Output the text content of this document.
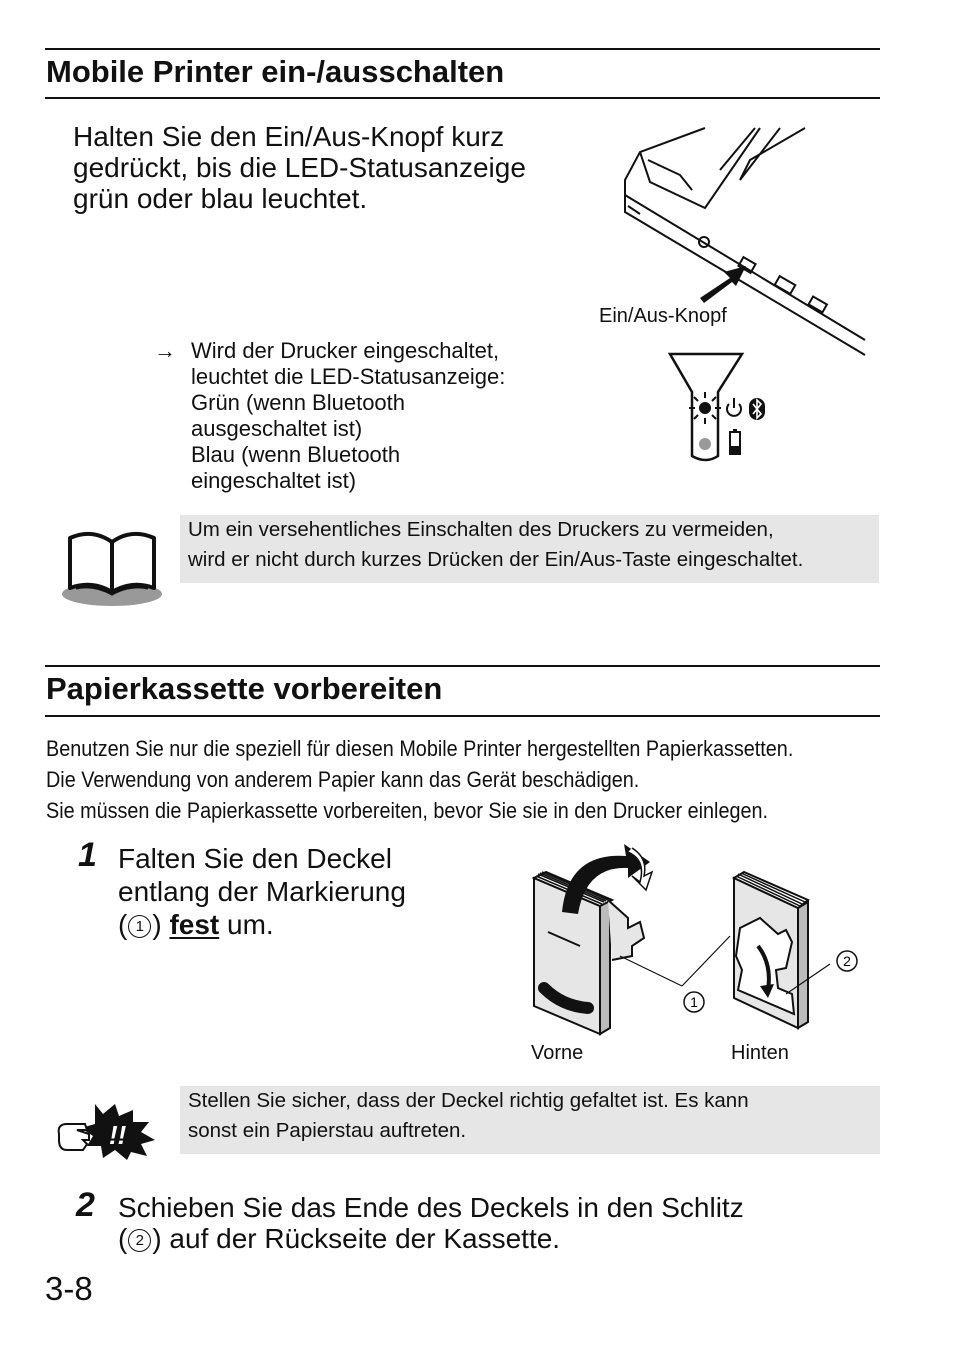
Mobile Printer ein-/ausschalten
Halten Sie den Ein/Aus-Knopf kurz
gedrückt, bis die LED-Statusanzeige
grün oder blau leuchtet.
Ein/Aus-Knopf
→ Wird der Drucker eingeschaltet,
leuchtet die LED-Statusanzeige:
Grün (wenn Bluetooth
ausgeschaltet ist)
Blau (wenn Bluetooth
eingeschaltet ist)
Um ein versehentliches Einschalten des Druckers zu vermeiden,
wird er nicht durch kurzes Drücken der Ein/Aus-Taste eingeschaltet.
Papierkassette vorbereiten
Benutzen Sie nur die speziell für diesen Mobile Printer hergestellten Papierkassetten.
Die Verwendung von anderem Papier kann das Gerät beschädigen.
Sie müssen die Papierkassette vorbereiten, bevor Sie sie in den Drucker einlegen.
1 Falten Sie den Deckel
entlang der Markierung
( 1 ) fest um.
1
2
Vorne	Hinten
!!
Stellen Sie sicher, dass der Deckel richtig gefaltet ist. Es kann
sonst ein Papierstau auftreten.
2 Schieben Sie das Ende des Deckels in den Schlitz
( 2 ) auf der Rückseite der Kassette.
3-8
